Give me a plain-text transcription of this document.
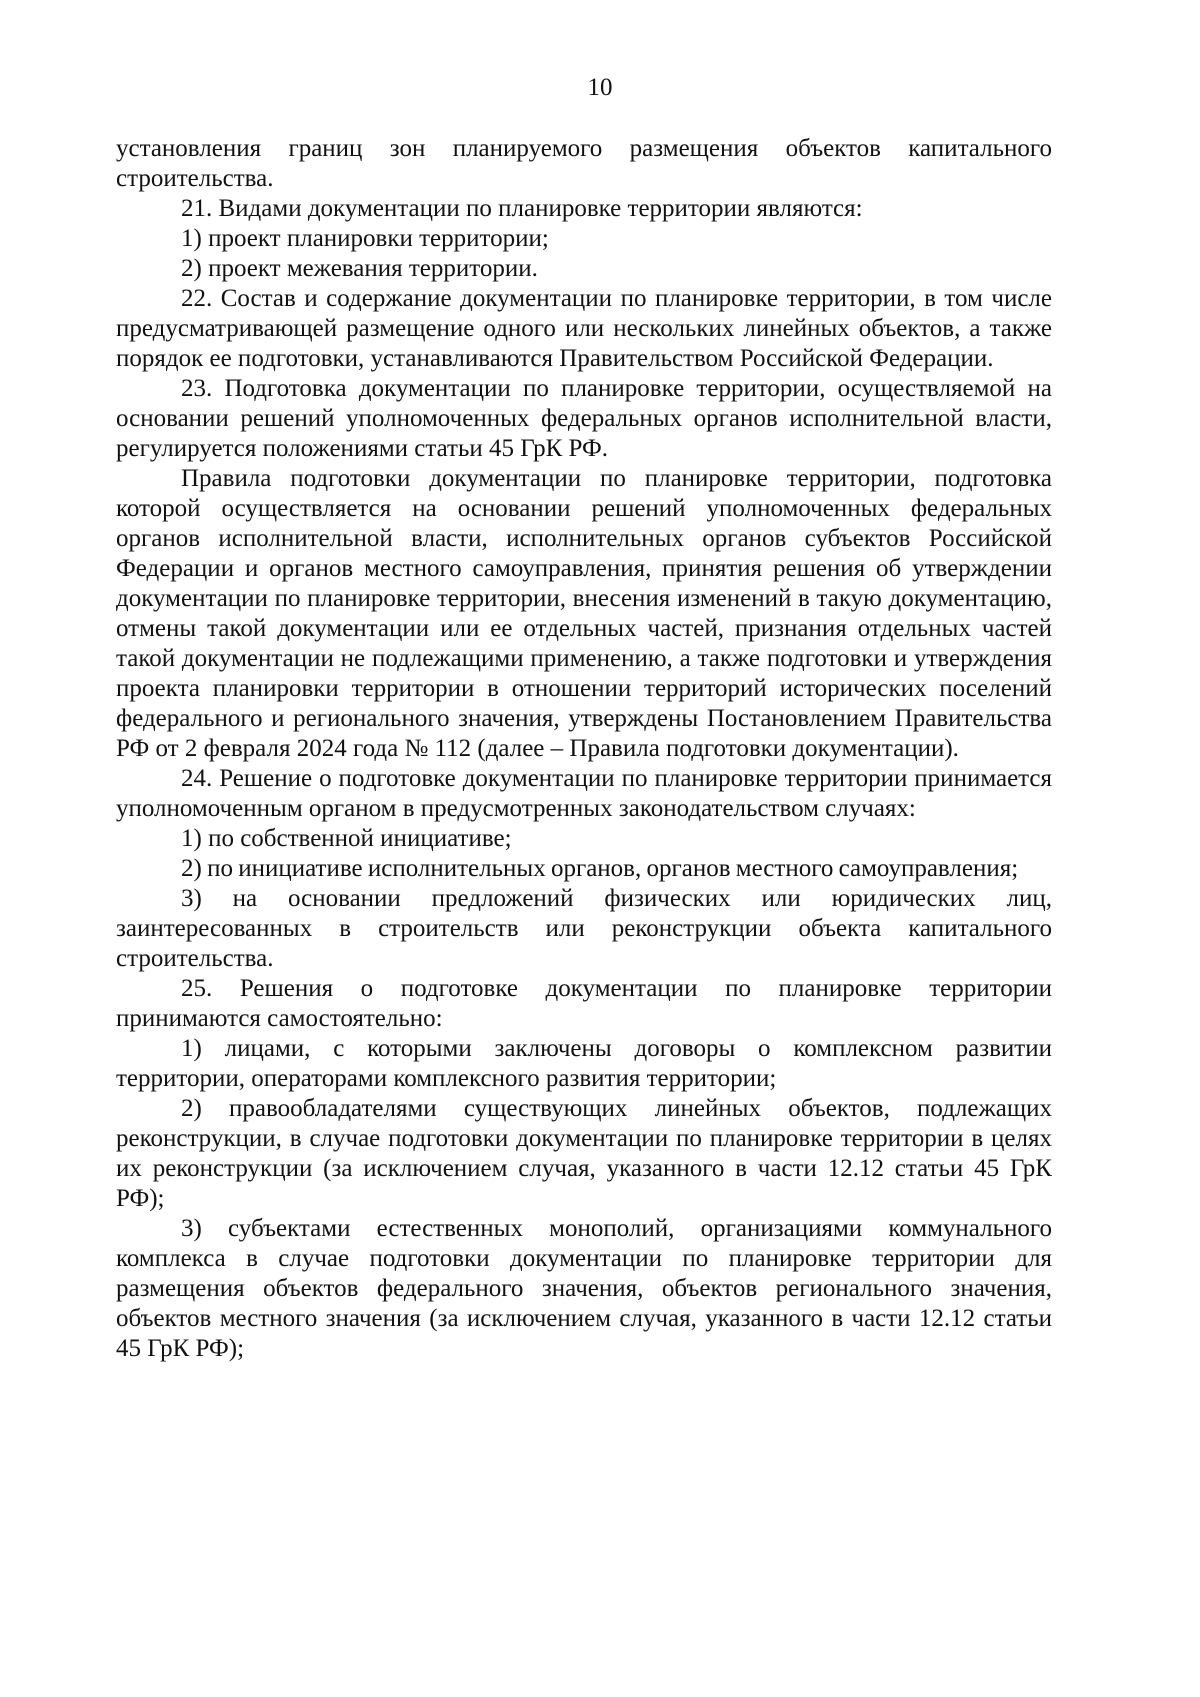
10

установления границ зон планируемого размещения объектов капитального строительства.

21. Видами документации по планировке территории являются:

1) проект планировки территории;

2) проект межевания территории.

22. Состав и содержание документации по планировке территории, в том числе предусматривающей размещение одного или нескольких линейных объектов, а также порядок ее подготовки, устанавливаются Правительством Российской Федерации.

23. Подготовка документации по планировке территории, осуществляемой на основании решений уполномоченных федеральных органов исполнительной власти, регулируется положениями статьи 45 ГрК РФ.

Правила подготовки документации по планировке территории, подготовка которой осуществляется на основании решений уполномоченных федеральных органов исполнительной власти, исполнительных органов субъектов Российской Федерации и органов местного самоуправления, принятия решения об утверждении документации по планировке территории, внесения изменений в такую документацию, отмены такой документации или ее отдельных частей, признания отдельных частей такой документации не подлежащими применению, а также подготовки и утверждения проекта планировки территории в отношении территорий исторических поселений федерального и регионального значения, утверждены Постановлением Правительства РФ от 2 февраля 2024 года № 112 (далее – Правила подготовки документации).

24. Решение о подготовке документации по планировке территории принимается уполномоченным органом в предусмотренных законодательством случаях:

1) по собственной инициативе;

2) по инициативе исполнительных органов, органов местного самоуправления;

3) на основании предложений физических или юридических лиц, заинтересованных в строительств или реконструкции объекта капитального строительства.

25. Решения о подготовке документации по планировке территории принимаются самостоятельно:

1) лицами, с которыми заключены договоры о комплексном развитии территории, операторами комплексного развития территории;

2) правообладателями существующих линейных объектов, подлежащих реконструкции, в случае подготовки документации по планировке территории в целях их реконструкции (за исключением случая, указанного в части 12.12 статьи 45 ГрК РФ);

3) субъектами естественных монополий, организациями коммунального комплекса в случае подготовки документации по планировке территории для размещения объектов федерального значения, объектов регионального значения, объектов местного значения (за исключением случая, указанного в части 12.12 статьи 45 ГрК РФ);
